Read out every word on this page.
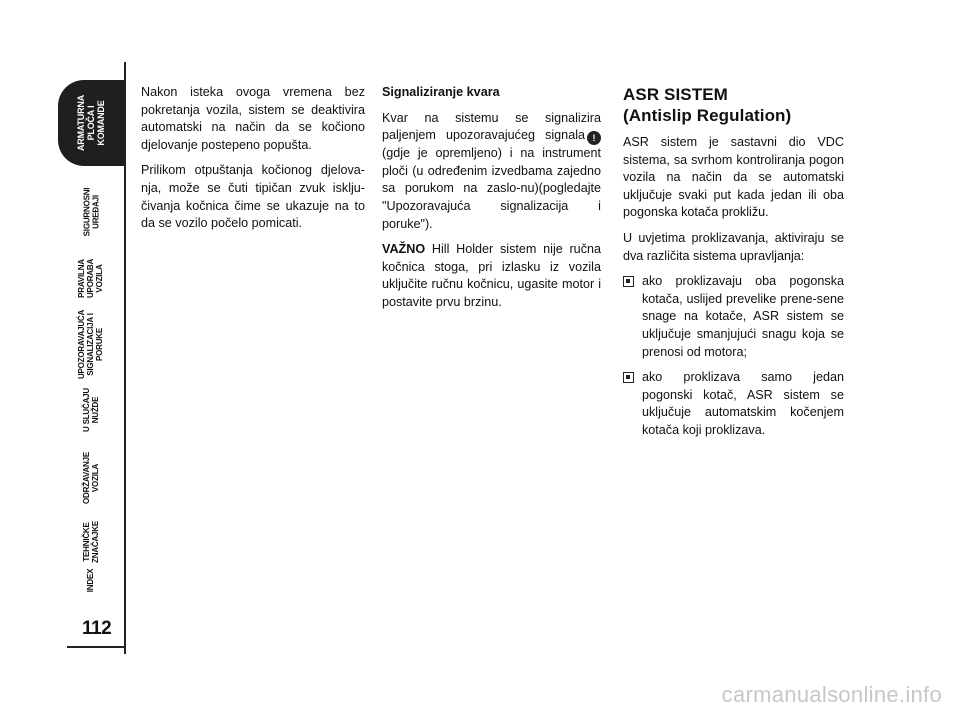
ARMATURNA
PLOČA I
KOMANDE
SIGURNOSNI
UREĐAJI
PRAVILNA
UPORABA
VOZILA
UPOZORAVAJUĆA
SIGNALIZACIJA I
PORUKE
U SLUČAJU
NUŽDE
ODRŽAVANJE
VOZILA
TEHNIČKE
ZNAČAJKE
INDEX
112

Nakon isteka ovoga vremena bez pokretanja vozila, sistem se deaktivira automatski na način da se kočiono djelovanje postepeno popušta.

Prilikom otpuštanja kočionog djelova-nja, može se čuti tipičan zvuk isklju-čivanja kočnica čime se ukazuje na to da se vozilo počelo pomicati.

Signaliziranje kvara

Kvar na sistemu se signalizira paljenjem upozoravajućeg signala ! (gdje je opremljeno) i na instrument ploči (u određenim izvedbama zajedno sa porukom na zaslo-nu)(pogledajte "Upozoravajuća signalizacija i poruke").

VAŽNO Hill Holder sistem nije ručna kočnica stoga, pri izlasku iz vozila uključite ručnu kočnicu, ugasite motor i postavite prvu brzinu.

ASR SISTEM
(Antislip Regulation)

ASR sistem je sastavni dio VDC sistema, sa svrhom kontroliranja pogon vozila na način da se automatski uključuje svaki put kada jedan ili oba pogonska kotača prokližu.

U uvjetima proklizavanja, aktiviraju se dva različita sistema upravljanja:

ako proklizavaju oba pogonska kotača, uslijed prevelike prene-sene snage na kotače, ASR sistem se uključuje smanjujući snagu koja se prenosi od motora;
ako proklizava samo jedan pogonski kotač, ASR sistem se uključuje automatskim kočenjem kotača koji proklizava.
carmanualsonline.info
